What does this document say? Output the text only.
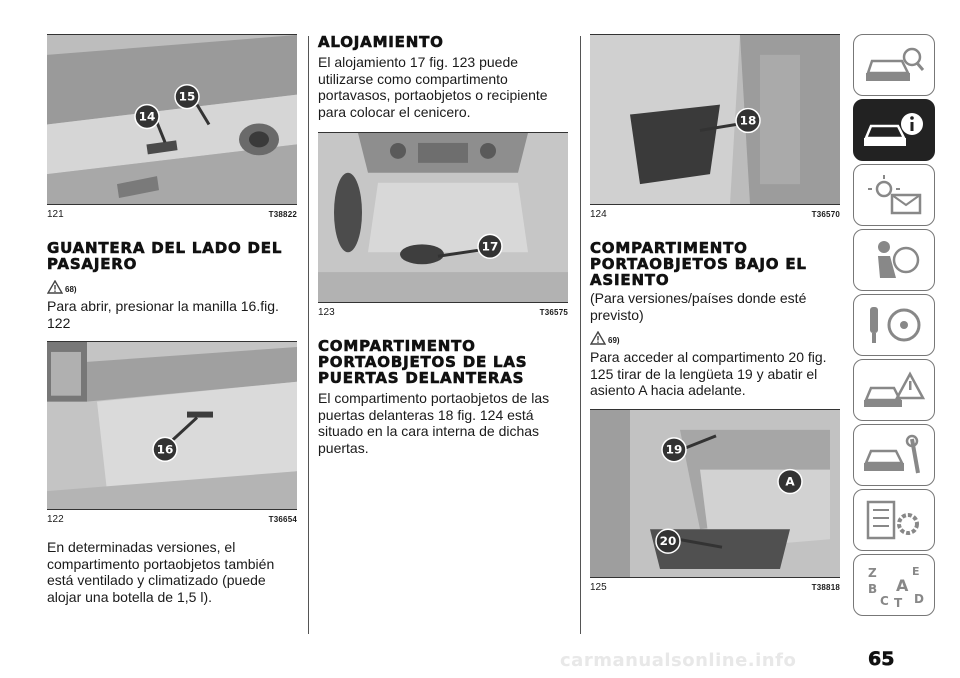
15
14
121	T38822
GUANTERA DEL LADO DEL PASAJERO
68)

Para abrir, presionar la manilla 16.fig. 122

16
122	T36654

En determinadas versiones, el compartimento portaobjetos también está ventilado y climatizado (puede alojar una botella de 1,5 l).

ALOJAMIENTO

El alojamiento 17 fig. 123 puede utilizarse como compartimento portavasos, portaobjetos o recipiente para colocar el cenicero.

17
123	T36575
COMPARTIMENTO PORTAOBJETOS DE LAS PUERTAS DELANTERAS

El compartimento portaobjetos de las puertas delanteras 18 fig. 124 está situado en la cara interna de dichas puertas.

18
124	T36570
COMPARTIMENTO PORTAOBJETOS BAJO EL ASIENTO

(Para versiones/países donde esté previsto)

69)

Para acceder al compartimento 20 fig. 125 tirar de la lengüeta 19 y abatir el asiento A hacia adelante.

19
A
20
125	T38818
Z	E
B A
C D
T
carmanualsonline.info	65
